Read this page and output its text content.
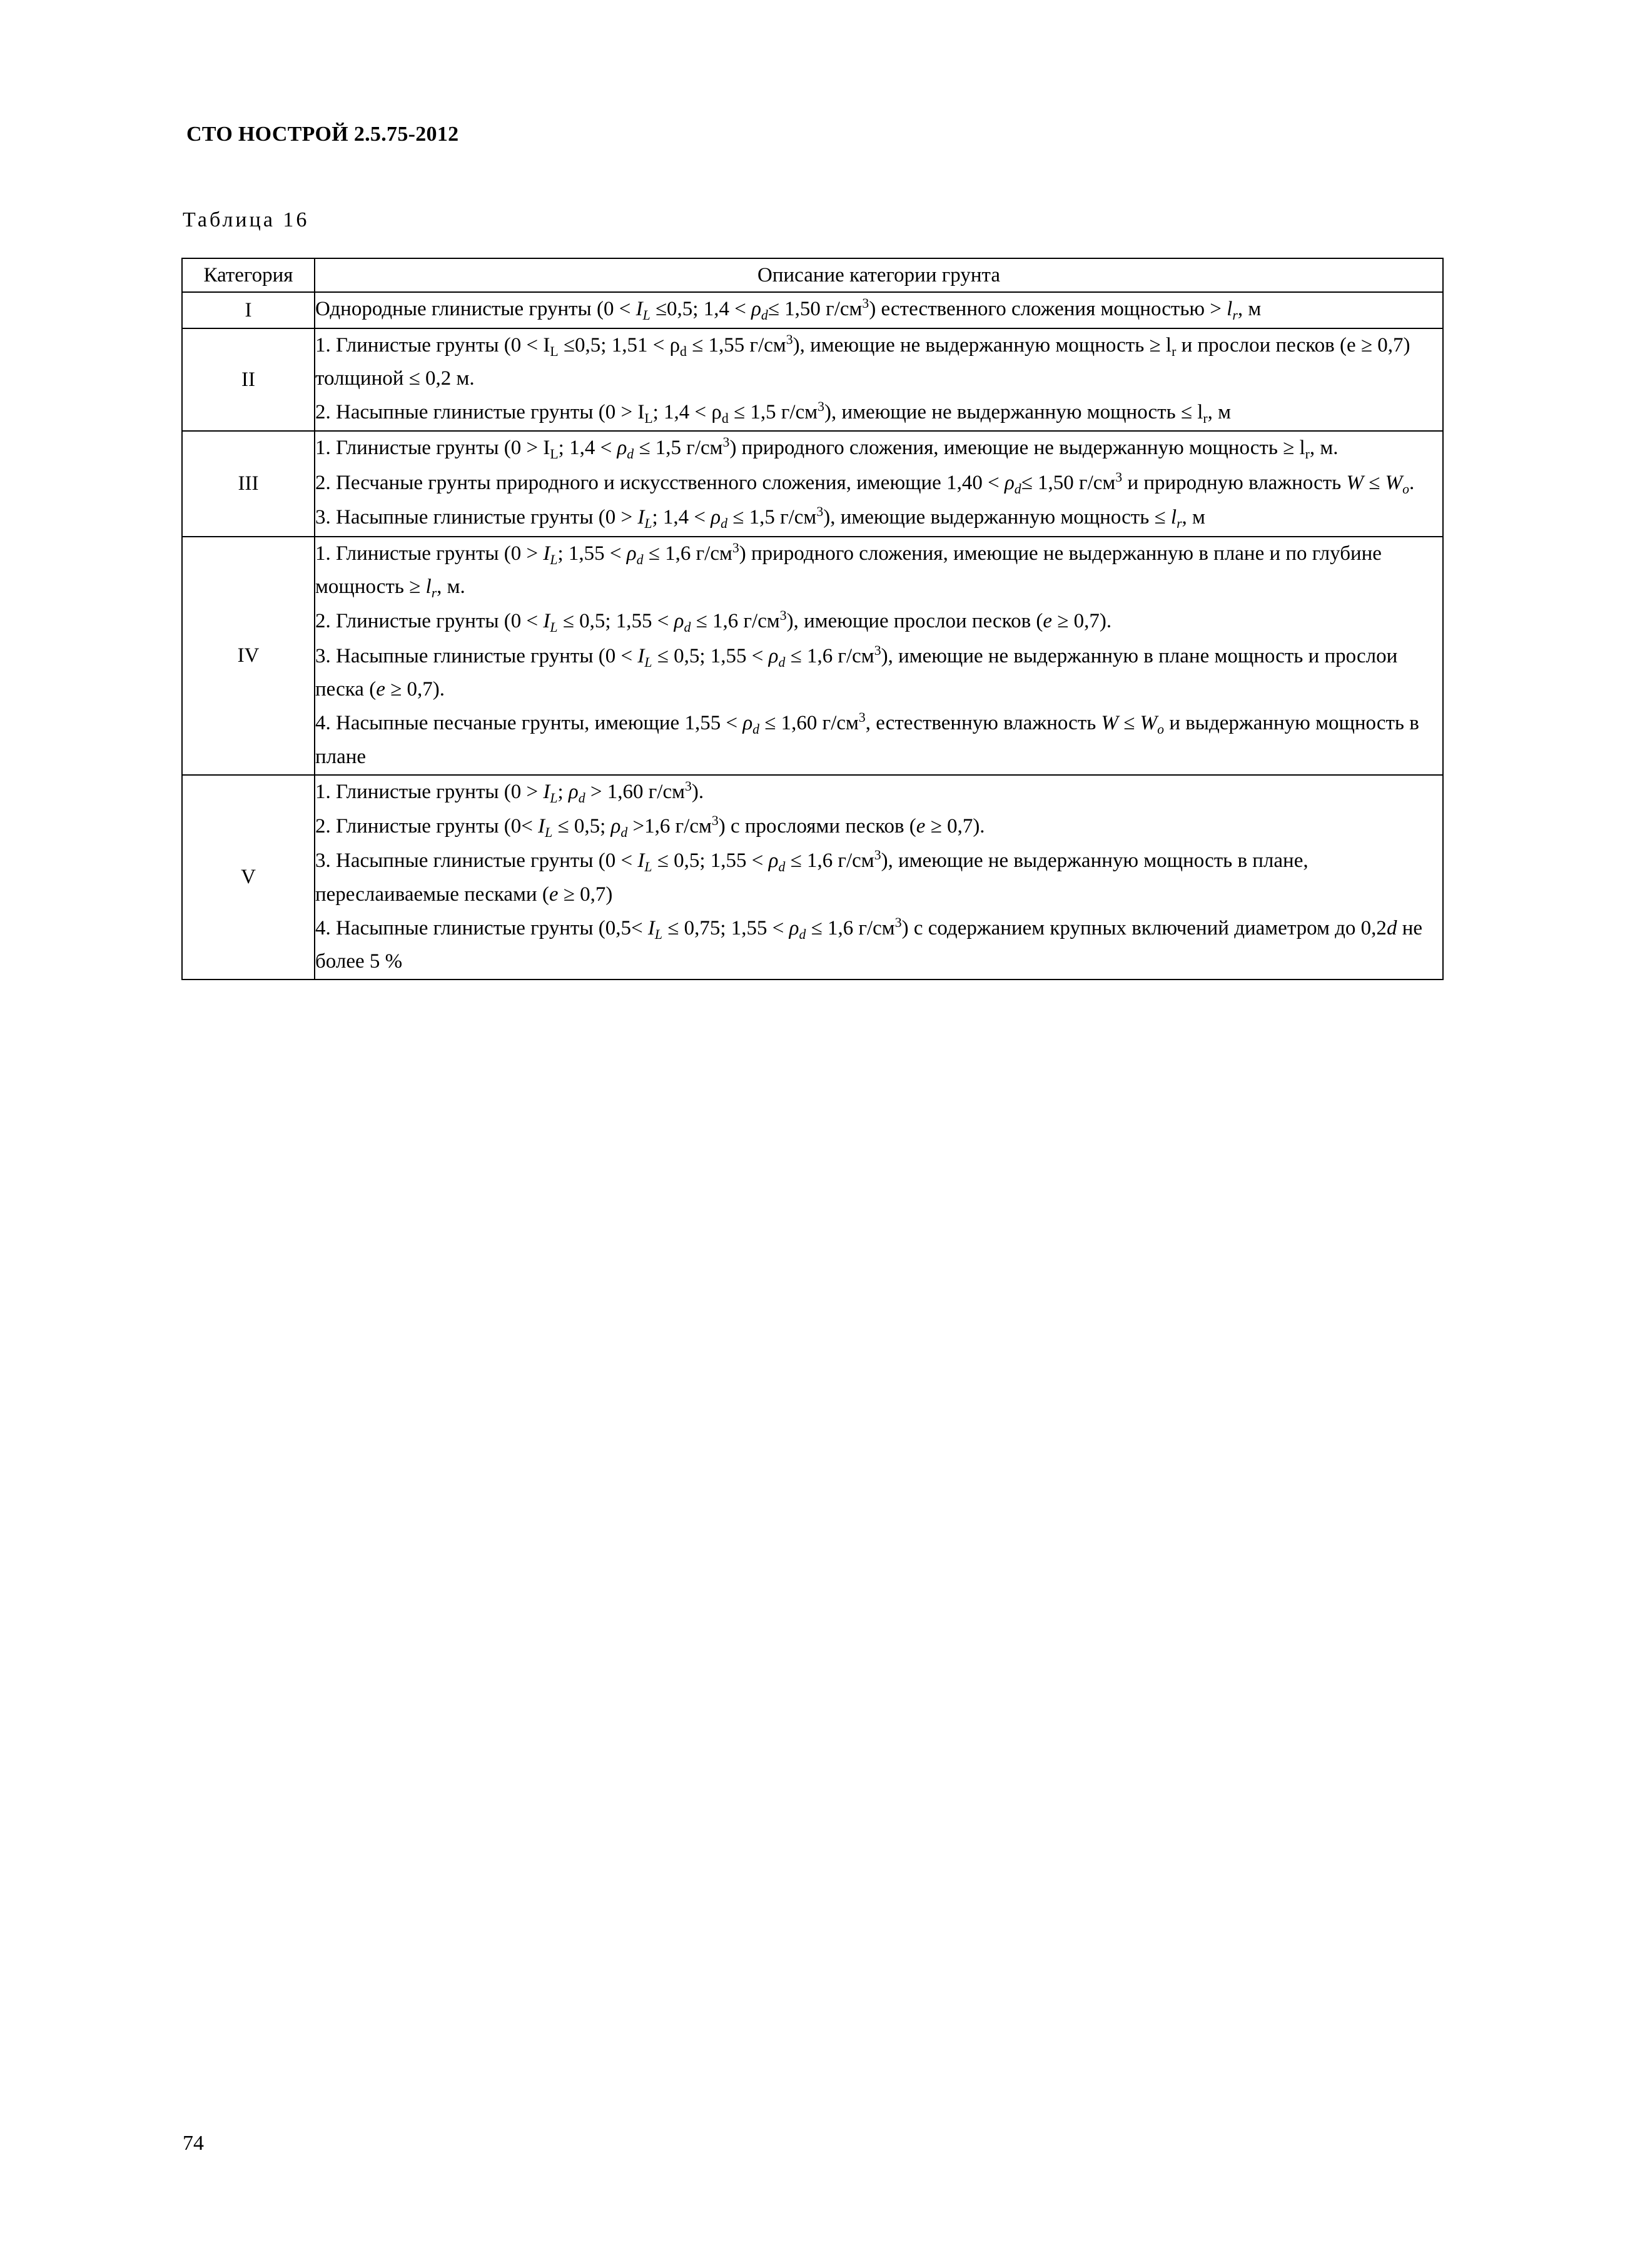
СТО НОСТРОЙ 2.5.75-2012
Таблица 16
Категория	Описание категории грунта
I	Однородные глинистые грунты ($0 < I_L \le 0,5$; $1,4 < \rho_d\le 1,50$ $г/см^3$) естественного сложения мощностью > $l_r$, м

II	1. Глинистые грунты ($0 < I_L \le 0,5$; $1,51 < \rho_d \le 1,55$ $г/см^3$), имеющие не выдержанную мощность ≥ $l_r$ и прослои песков (е ≥ 0,7) толщиной ≤ 0,2 м.

2. Насыпные глинистые грунты ($0 > I_L$; $1,4 < \rho_d \le 1,5$ $г/см^3$), имеющие не выдержанную мощность ≤ $l_r$, м

III	1. Глинистые грунты ($0 > I_L$; $1,4 < \rho_d \le 1,5$ $г/см^3$) природного сложения, имеющие не выдержанную мощность ≥ $l_r$, м.

2. Песчаные грунты природного и искусственного сложения, имеющие $1,40 < \rho_d\le 1,50$ $г/см^3$ и природную влажность $W \le W_o$.

3. Насыпные глинистые грунты ($0 > I_L$; $1,4 < \rho_d \le 1,5$ $г/см^3$), имеющие выдержанную мощность ≤ $l_r$, м

IV	1. Глинистые грунты ($0 > I_L$; $1,55 < \rho_d \le 1,6$ $г/см^3$) природного сложения, имеющие не выдержанную в плане и по глубине мощность ≥ $l_r$, м.

2. Глинистые грунты ($0 < I_L \le 0,5$; $1,55 < \rho_d \le 1,6$ $г/см^3$), имеющие прослои песков (e ≥ 0,7).

3. Насыпные глинистые грунты ($0 < I_L \le 0,5$; $1,55 < \rho_d \le 1,6$ $г/см^3$), имеющие не выдержанную в плане мощность и прослои песка (e ≥ 0,7).

4. Насыпные песчаные грунты, имеющие $1,55 < \rho_d \le 1,60$ $г/см^3$, естественную влажность $W \le W_o$ и выдержанную мощность в плане

V	1. Глинистые грунты ($0 > I_L$; $\rho_d > 1,60$ $г/см^3$).

2. Глинистые грунты ($0< I_L \le 0,5$; $\rho_d >1,6$ $г/см^3$) с прослоями песков (e ≥ 0,7).

3. Насыпные глинистые грунты ($0 < I_L \le 0,5$; $1,55 < \rho_d \le 1,6$ $г/см^3$), имеющие не выдержанную мощность в плане, переслаиваемые песками (e ≥ 0,7)

4. Насыпные глинистые грунты ($0,5< I_L \le 0,75$; $1,55 < \rho_d \le 1,6$ $г/см^3$) с содержанием крупных включений диаметром до 0,2d не более 5 %

74
